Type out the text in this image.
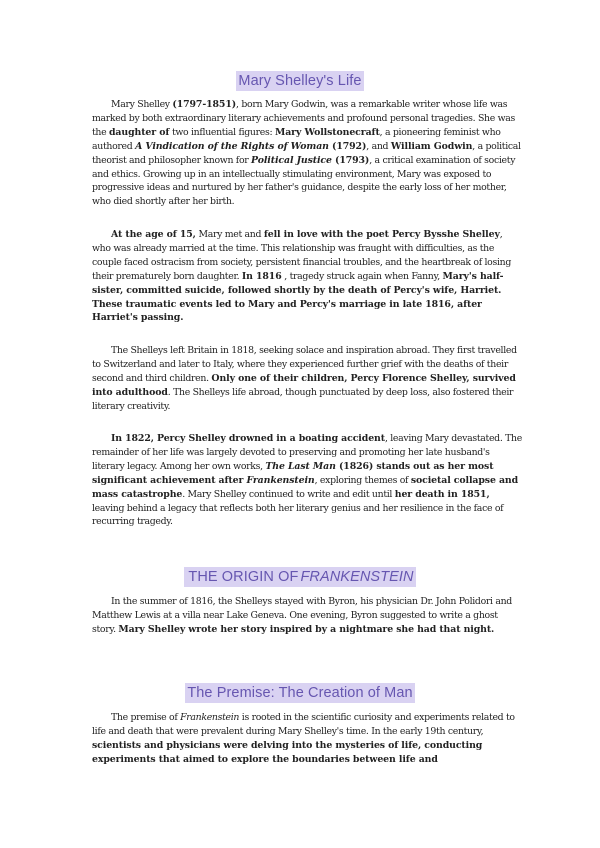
Mary Shelley's Life

Mary Shelley (1797-1851), born Mary Godwin, was a remarkable writer whose life was marked by both extraordinary literary achievements and profound personal tragedies. She was the daughter of two influential figures: Mary Wollstonecraft, a pioneering feminist who authored A Vindication of the Rights of Woman (1792), and William Godwin, a political theorist and philosopher known for Political Justice (1793), a critical examination of society and ethics. Growing up in an intellectually stimulating environment, Mary was exposed to progressive ideas and nurtured by her father's guidance, despite the early loss of her mother, who died shortly after her birth.

At the age of 15, Mary met and fell in love with the poet Percy Bysshe Shelley, who was already married at the time. This relationship was fraught with difficulties, as the couple faced ostracism from society, persistent financial troubles, and the heartbreak of losing their prematurely born daughter. In 1816 , tragedy struck again when Fanny, Mary's half-sister, committed suicide, followed shortly by the death of Percy's wife, Harriet. These traumatic events led to Mary and Percy's marriage in late 1816, after Harriet's passing.

The Shelleys left Britain in 1818, seeking solace and inspiration abroad. They first travelled to Switzerland and later to Italy, where they experienced further grief with the deaths of their second and third children. Only one of their children, Percy Florence Shelley, survived into adulthood. The Shelleys life abroad, though punctuated by deep loss, also fostered their literary creativity.

In 1822, Percy Shelley drowned in a boating accident, leaving Mary devastated. The remainder of her life was largely devoted to preserving and promoting her late husband's literary legacy. Among her own works, The Last Man (1826) stands out as her most significant achievement after Frankenstein, exploring themes of societal collapse and mass catastrophe. Mary Shelley continued to write and edit until her death in 1851, leaving behind a legacy that reflects both her literary genius and her resilience in the face of recurring tragedy.

THE ORIGIN OFFRANKENSTEIN

In the summer of 1816, the Shelleys stayed with Byron, his physician Dr. John Polidori and Matthew Lewis at a villa near Lake Geneva. One evening, Byron suggested to write a ghost story. Mary Shelley wrote her story inspired by a nightmare she had that night.

The Premise: The Creation of Man

The premise of Frankenstein is rooted in the scientific curiosity and experiments related to life and death that were prevalent during Mary Shelley's time. In the early 19th century, scientists and physicians were delving into the mysteries of life, conducting experiments that aimed to explore the boundaries between life and
